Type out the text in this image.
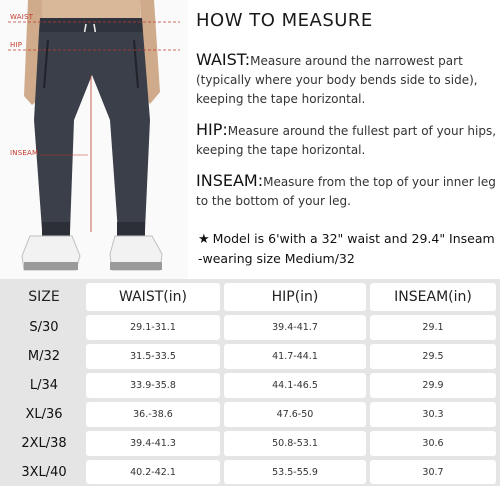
WAIST
HIP
INSEAM
HOW TO MEASURE
WAIST:Measure around the narrowest part (typically where your body bends side to side), keeping the tape horizontal.
HIP:Measure around the fullest part of your hips, keeping the tape horizontal.
INSEAM:Measure from the top of your inner leg to the bottom of your leg.
★ Model is 6'with a 32" waist and 29.4" Inseam -wearing size Medium/32
SIZE	WAIST(in)	HIP(in)	INSEAM(in)
S/30	29.1-31.1	39.4-41.7	29.1
M/32	31.5-33.5	41.7-44.1	29.5
L/34	33.9-35.8	44.1-46.5	29.9
XL/36	36.-38.6	47.6-50	30.3
2XL/38	39.4-41.3	50.8-53.1	30.6
3XL/40	40.2-42.1	53.5-55.9	30.7
